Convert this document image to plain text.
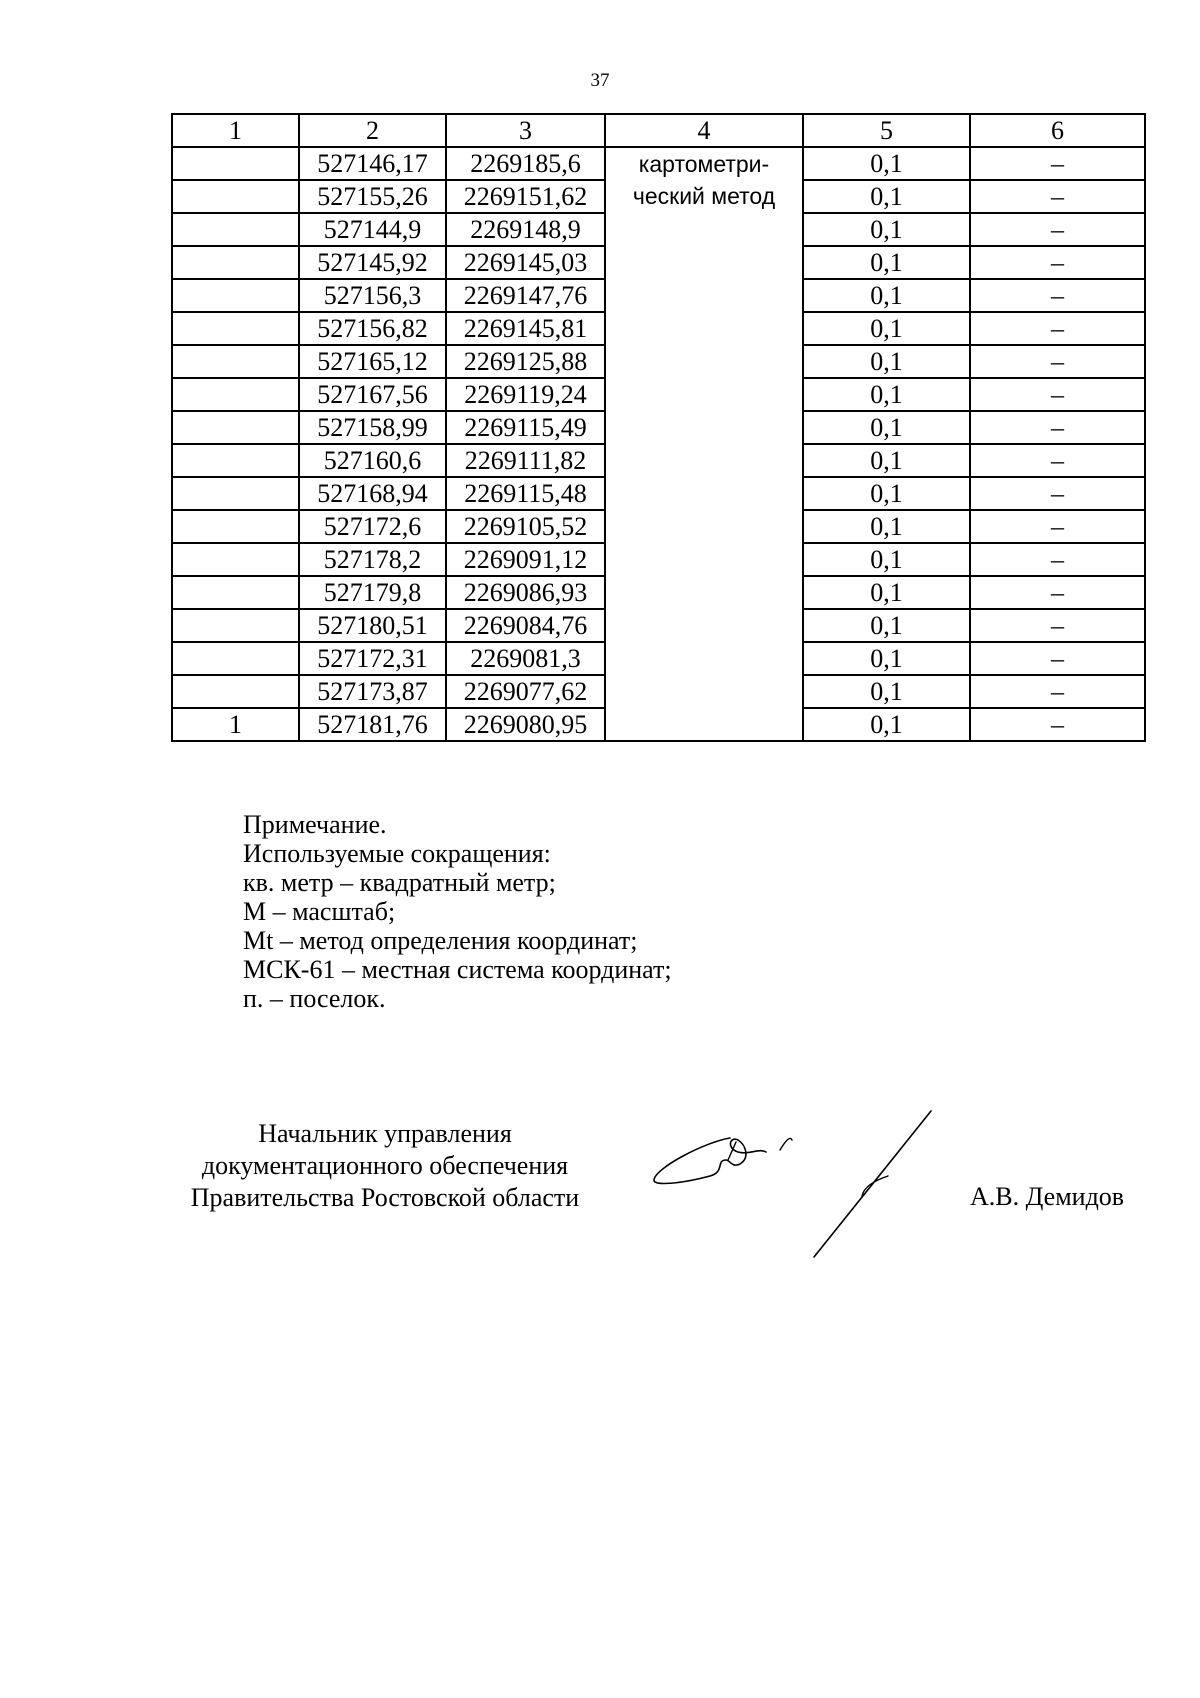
37
1	2	3	4	5	6
	527146,17	2269185,6	картометри-ческий метод	0,1	–
	527155,26	2269151,62		0,1	–
	527144,9	2269148,9		0,1	–
	527145,92	2269145,03		0,1	–
	527156,3	2269147,76		0,1	–
	527156,82	2269145,81		0,1	–
	527165,12	2269125,88		0,1	–
	527167,56	2269119,24		0,1	–
	527158,99	2269115,49		0,1	–
	527160,6	2269111,82		0,1	–
	527168,94	2269115,48		0,1	–
	527172,6	2269105,52		0,1	–
	527178,2	2269091,12		0,1	–
	527179,8	2269086,93		0,1	–
	527180,51	2269084,76		0,1	–
	527172,31	2269081,3		0,1	–
	527173,87	2269077,62		0,1	–
1	527181,76	2269080,95		0,1	–
Примечание.
Используемые сокращения:
кв. метр – квадратный метр;
М – масштаб;
Mt – метод определения координат;
МСК-61 – местная система координат;
п. – поселок.
Начальник управления
документационного обеспечения
Правительства Ростовской области	А.В. Демидов
